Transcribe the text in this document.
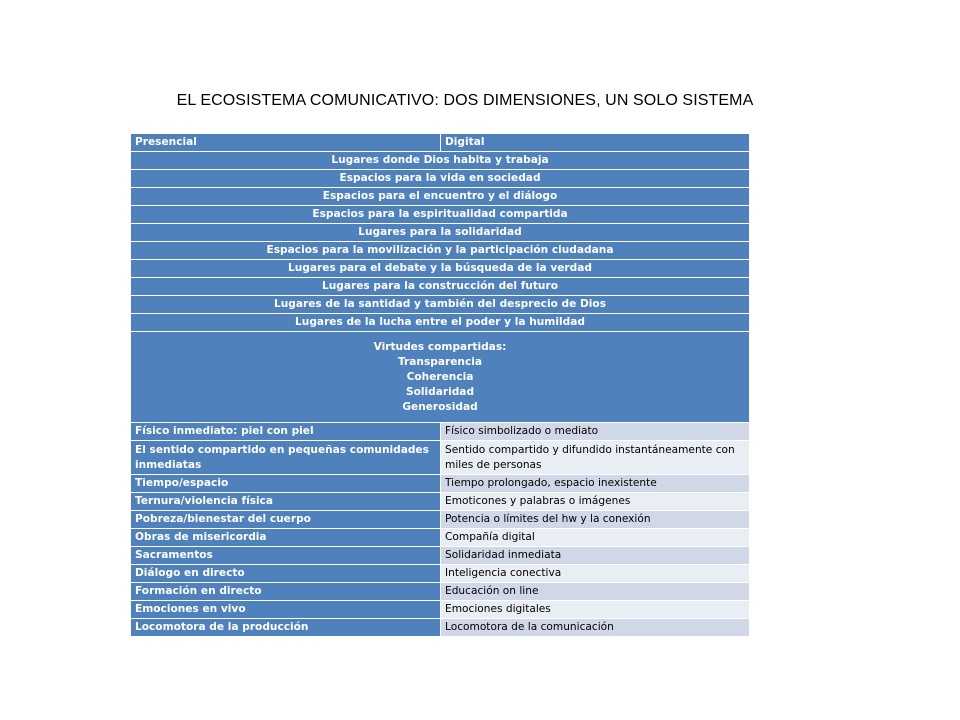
EL ECOSISTEMA COMUNICATIVO: DOS DIMENSIONES, UN SOLO SISTEMA
Presencial	Digital
Lugares donde Dios habita y trabaja	
Espacios para la vida en sociedad	
Espacios para el encuentro y el diálogo	
Espacios para la espiritualidad compartida	
Lugares para la solidaridad	
Espacios para la movilización y la participación ciudadana	
Lugares para el debate y la búsqueda de la verdad	
Lugares para la construcción del futuro	
Lugares de la santidad y también del desprecio de Dios	
Lugares de la lucha entre el poder y la humildad	

Virtudes compartidas:
Transparencia
Coherencia
Solidaridad
Generosidad	

Físico inmediato: piel con piel	Físico simbolizado o mediato
El sentido compartido en pequeñas comunidades inmediatas	Sentido compartido y difundido instantáneamente con miles de personas
Tiempo/espacio	Tiempo prolongado, espacio inexistente
Ternura/violencia física	Emoticones y palabras o imágenes
Pobreza/bienestar del cuerpo	Potencia o límites del hw y la conexión
Obras de misericordia	Compañía digital
Sacramentos	Solidaridad inmediata
Diálogo en directo	Inteligencia conectiva
Formación en directo	Educación on line
Emociones en vivo	Emociones digitales
Locomotora de la producción	Locomotora de la comunicación
